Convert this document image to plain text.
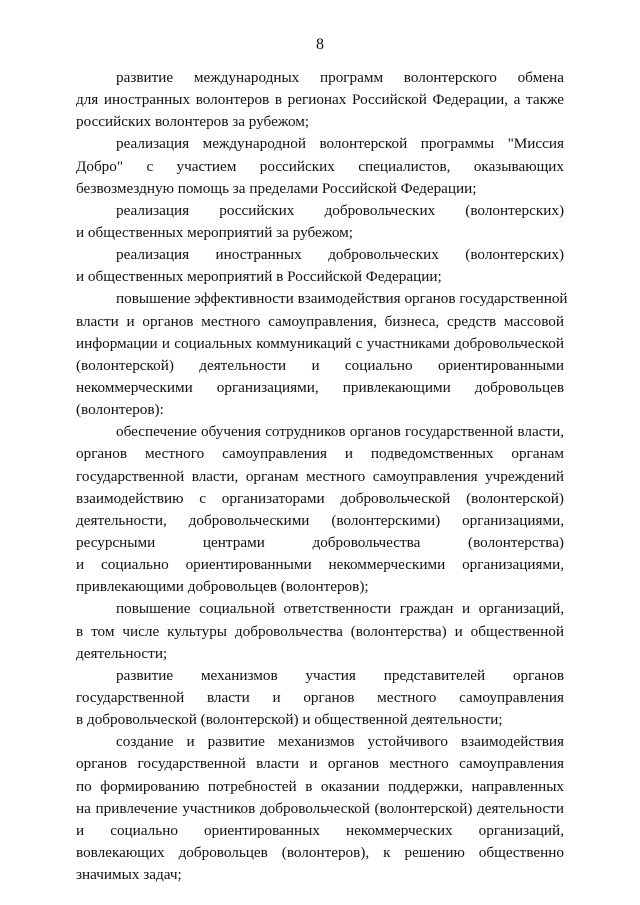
8
развитие международных программ волонтерского обмена
для иностранных волонтеров в регионах Российской Федерации, а также
российских волонтеров за рубежом;
реализация международной волонтерской программы "Миссия
Добро" с участием российских специалистов, оказывающих
безвозмездную помощь за пределами Российской Федерации;
реализация российских добровольческих (волонтерских)
и общественных мероприятий за рубежом;
реализация иностранных добровольческих (волонтерских)
и общественных мероприятий в Российской Федерации;
повышение эффективности взаимодействия органов государственной
власти и органов местного самоуправления, бизнеса, средств массовой
информации и социальных коммуникаций с участниками добровольческой
(волонтерской) деятельности и социально ориентированными
некоммерческими организациями, привлекающими добровольцев
(волонтеров):
обеспечение обучения сотрудников органов государственной власти,
органов местного самоуправления и подведомственных органам
государственной власти, органам местного самоуправления учреждений
взаимодействию с организаторами добровольческой (волонтерской)
деятельности, добровольческими (волонтерскими) организациями,
ресурсными центрами добровольчества (волонтерства)
и социально ориентированными некоммерческими организациями,
привлекающими добровольцев (волонтеров);
повышение социальной ответственности граждан и организаций,
в том числе культуры добровольчества (волонтерства) и общественной
деятельности;
развитие механизмов участия представителей органов
государственной власти и органов местного самоуправления
в добровольческой (волонтерской) и общественной деятельности;
создание и развитие механизмов устойчивого взаимодействия
органов государственной власти и органов местного самоуправления
по формированию потребностей в оказании поддержки, направленных
на привлечение участников добровольческой (волонтерской) деятельности
и социально ориентированных некоммерческих организаций,
вовлекающих добровольцев (волонтеров), к решению общественно
значимых задач;
